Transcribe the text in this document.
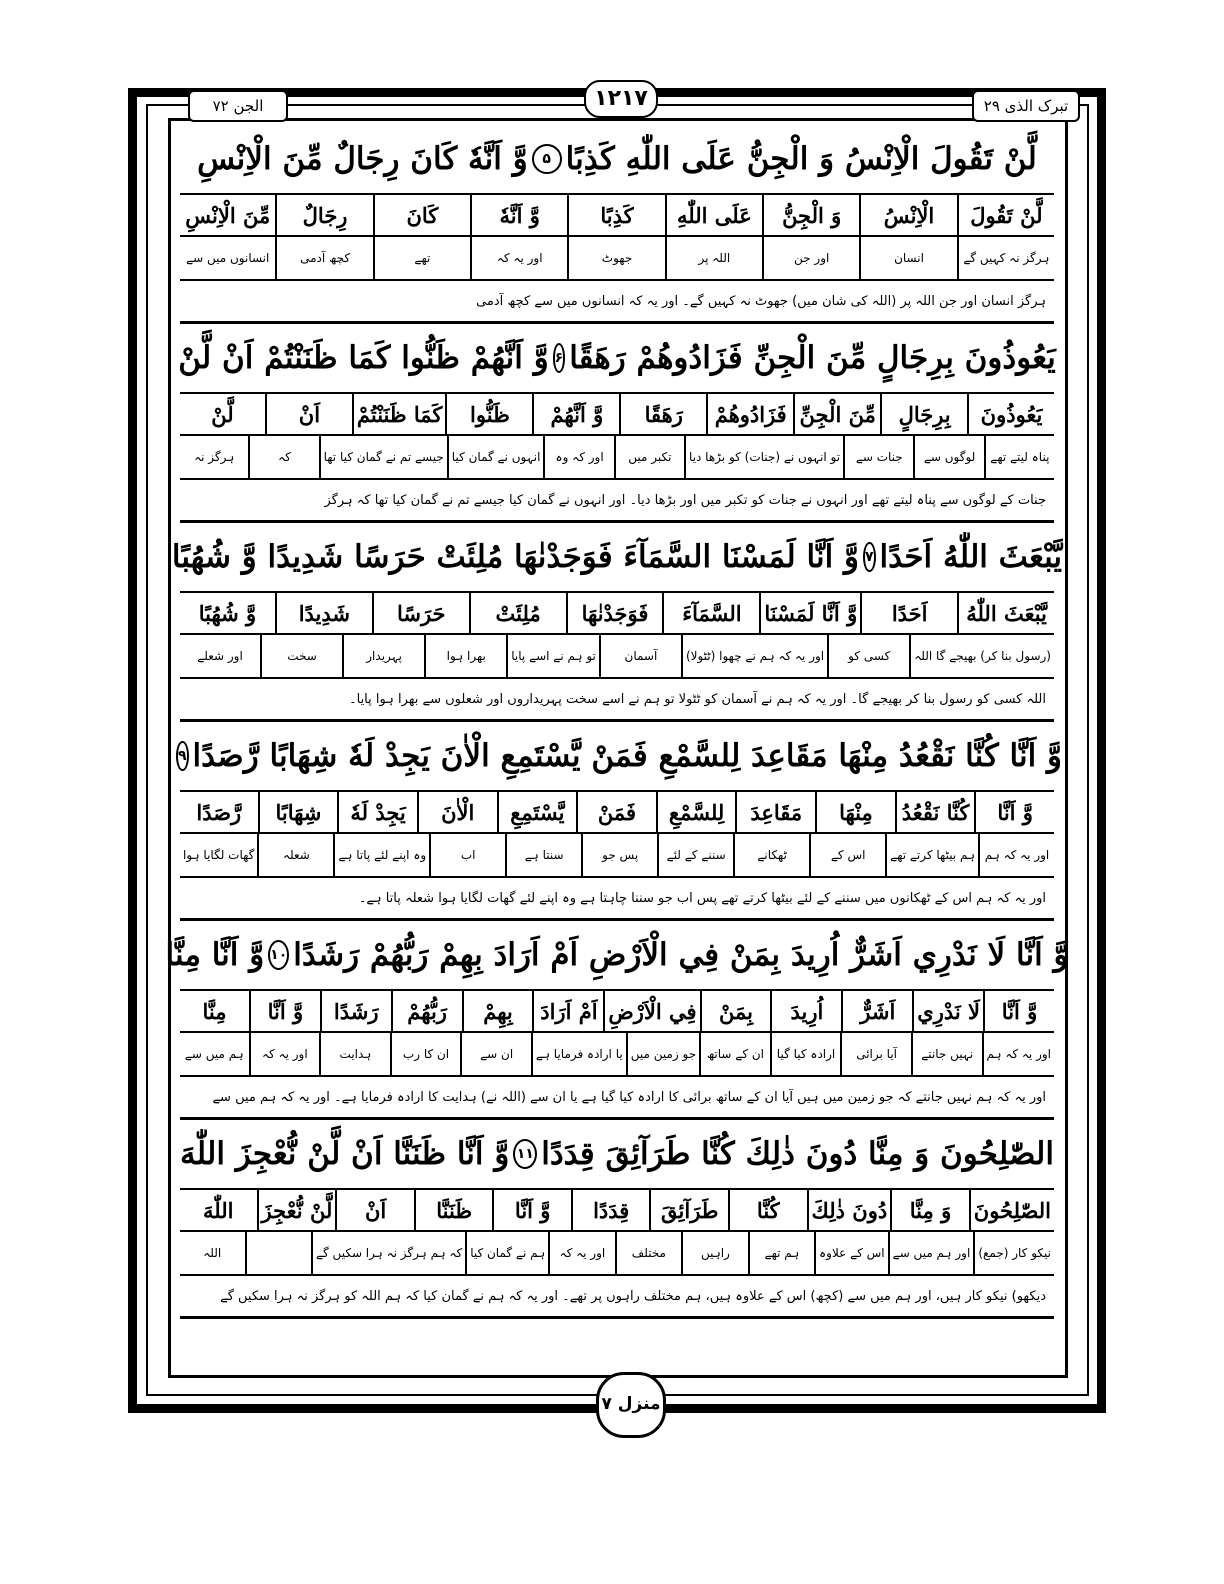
تبرک الذی ۲۹
۱۲۱۷
الجن ۷۲
لَّنْ تَقُولَ الْاِنْسُ وَ الْجِنُّ عَلَى اللّٰهِ كَذِبًا
۵
وَّ اَنَّهٗ كَانَ رِجَالٌ مِّنَ الْاِنْسِ
لَّنْ تَقُولَ
الْاِنْسُ
وَ الْجِنُّ
عَلَى اللّٰهِ
كَذِبًا
وَّ اَنَّهٗ
كَانَ
رِجَالٌ
مِّنَ الْاِنْسِ
ہرگز نہ کہیں گے
انسان
اور جن
اللہ پر
جھوٹ
اور یہ کہ
تھے
کچھ آدمی
انسانوں میں سے
ہرگز انسان اور جن اللہ پر (اللہ کی شان میں) جھوٹ نہ کہیں گے۔ اور یہ کہ انسانوں میں سے کچھ آدمی
يَعُوذُونَ بِرِجَالٍ مِّنَ الْجِنِّ فَزَادُوهُمْ رَهَقًا
۶
وَّ اَنَّهُمْ ظَنُّوا كَمَا ظَنَنْتُمْ اَنْ لَّنْ
يَعُوذُونَ
بِرِجَالٍ
مِّنَ الْجِنِّ
فَزَادُوهُمْ
رَهَقًا
وَّ اَنَّهُمْ
ظَنُّوا
كَمَا ظَنَنْتُمْ
اَنْ
لَّنْ
پناہ لیتے تھے
لوگوں سے
جنات سے
تو انہوں نے (جنات) کو بڑھا دیا
تکبر میں
اور کہ وہ
انہوں نے گمان کیا
جیسے تم نے گمان کیا تھا
کہ
ہرگز نہ
جنات کے لوگوں سے پناہ لیتے تھے اور انہوں نے جنات کو تکبر میں اور بڑھا دیا۔ اور انہوں نے گمان کیا جیسے تم نے گمان کیا تھا کہ ہرگز
يَّبْعَثَ اللّٰهُ اَحَدًا
۷
وَّ اَنَّا لَمَسْنَا السَّمَآءَ فَوَجَدْنٰهَا مُلِئَتْ حَرَسًا شَدِيدًا وَّ شُهُبًا
يَّبْعَثَ اللّٰهُ
اَحَدًا
وَّ اَنَّا لَمَسْنَا
السَّمَآءَ
فَوَجَدْنٰهَا
مُلِئَتْ
حَرَسًا
شَدِيدًا
وَّ شُهُبًا
(رسول بنا کر) بھیجے گا اللہ
کسی کو
اور یہ کہ ہم نے چھوا (ٹٹولا)
آسمان
تو ہم نے اسے پایا
بھرا ہوا
پہریدار
سخت
اور شعلے
اللہ کسی کو رسول بنا کر بھیجے گا۔ اور یہ کہ ہم نے آسمان کو ٹٹولا تو ہم نے اسے سخت پہریداروں اور شعلوں سے بھرا ہوا پایا۔
وَّ اَنَّا كُنَّا نَقْعُدُ مِنْهَا مَقَاعِدَ لِلسَّمْعِ فَمَنْ يَّسْتَمِعِ الْاٰنَ يَجِدْ لَهٗ شِهَابًا رَّصَدًا
۹
وَّ اَنَّا
كُنَّا نَقْعُدُ
مِنْهَا
مَقَاعِدَ
لِلسَّمْعِ
فَمَنْ
يَّسْتَمِعِ
الْاٰنَ
يَجِدْ لَهٗ
شِهَابًا
رَّصَدًا
اور یہ کہ ہم
ہم بیٹھا کرتے تھے
اس کے
ٹھکانے
سننے کے لئے
پس جو
سنتا ہے
اب
وہ اپنے لئے پاتا ہے
شعلہ
گھات لگایا ہوا
اور یہ کہ ہم اس کے ٹھکانوں میں سننے کے لئے بیٹھا کرتے تھے پس اب جو سننا چاہتا ہے وہ اپنے لئے گھات لگایا ہوا شعلہ پاتا ہے۔
وَّ اَنَّا لَا نَدْرِي اَشَرٌّ اُرِيدَ بِمَنْ فِي الْاَرْضِ اَمْ اَرَادَ بِهِمْ رَبُّهُمْ رَشَدًا
۱۰
وَّ اَنَّا مِنَّا
وَّ اَنَّا
لَا نَدْرِي
اَشَرٌّ
اُرِيدَ
بِمَنْ
فِي الْاَرْضِ
اَمْ اَرَادَ
بِهِمْ
رَبُّهُمْ
رَشَدًا
وَّ اَنَّا
مِنَّا
اور یہ کہ ہم
نہیں جانتے
آیا برائی
ارادہ کیا گیا
ان کے ساتھ
جو زمین میں
یا ارادہ فرمایا ہے
ان سے
ان کا رب
ہدایت
اور یہ کہ
ہم میں سے
اور یہ کہ ہم نہیں جانتے کہ جو زمین میں ہیں آیا ان کے ساتھ برائی کا ارادہ کیا گیا ہے یا ان سے (اللہ نے) ہدایت کا ارادہ فرمایا ہے۔ اور یہ کہ ہم میں سے
الصّٰلِحُونَ وَ مِنَّا دُونَ ذٰلِكَ كُنَّا طَرَآئِقَ قِدَدًا
۱۱
وَّ اَنَّا ظَنَنَّا اَنْ لَّنْ نُّعْجِزَ اللّٰهَ
الصّٰلِحُونَ
وَ مِنَّا
دُونَ ذٰلِكَ
كُنَّا
طَرَآئِقَ
قِدَدًا
وَّ اَنَّا
ظَنَنَّا
اَنْ
لَّنْ نُّعْجِزَ
اللّٰهَ
نیکو کار (جمع)
اور ہم میں سے
اس کے علاوہ
ہم تھے
راہیں
مختلف
اور یہ کہ
ہم نے گمان کیا
کہ ہم ہرگز نہ ہرا سکیں گے
اللہ
دیکھو) نیکو کار ہیں، اور ہم میں سے (کچھ) اس کے علاوہ ہیں، ہم مختلف راہوں پر تھے۔ اور یہ کہ ہم نے گمان کیا کہ ہم اللہ کو ہرگز نہ ہرا سکیں گے
منزل ۷
